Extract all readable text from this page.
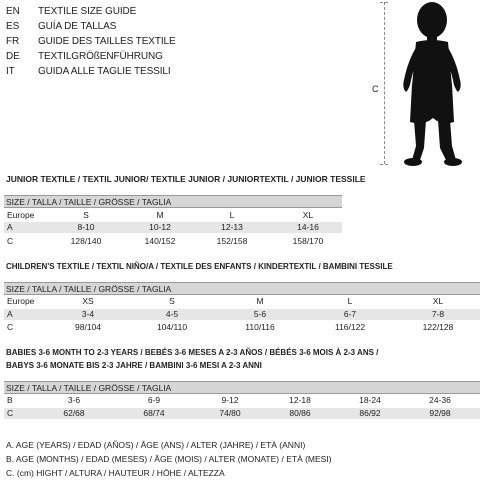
EN	TEXTILE SIZE GUIDE
ES	GUÍA DE TALLAS
FR	GUIDE DES TAILLES TEXTILE
DE	TEXTILGRÖßENFÜHRUNG
IT	GUIDA ALLE TAGLIE TESSILI
C
JUNIOR TEXTILE / TEXTIL JUNIOR/ TEXTILE JUNIOR / JUNIORTEXTIL / JUNIOR TESSILE
SIZE / TALLA / TAILLE / GRÖSSE / TAGLIA
Europe	S	M	L	XL
A	8-10	10-12	12-13	14-16
C	128/140	140/152	152/158	158/170
CHILDREN'S TEXTILE / TEXTIL NIÑO/A / TEXTILE DES ENFANTS / KINDERTEXTIL / BAMBINI TESSILE
SIZE / TALLA / TAILLE / GRÖSSE / TAGLIA
Europe	XS	S	M	L	XL
A	3-4	4-5	5-6	6-7	7-8
C	98/104	104/110	110/116	116/122	122/128
BABIES 3-6 MONTH TO 2-3 YEARS / BEBÉS 3-6 MESES A 2-3 AÑOS / BÉBÉS 3-6 MOIS À 2-3 ANS /
BABYS 3-6 MONATE BIS 2-3 JAHRE / BAMBINI 3-6 MESI A 2-3 ANNI
SIZE / TALLA / TAILLE / GRÖSSE / TAGLIA
B	3-6	6-9	9-12	12-18	18-24	24-36
C	62/68	68/74	74/80	80/86	86/92	92/98
A. AGE (YEARS) / EDAD (AÑOS) / ÂGE (ANS) / ALTER (JAHRE) / ETÀ (ANNI)
B. AGE (MONTHS) / EDAD (MESES) / ÂGE (MOIS) / ALTER (MONATE) / ETÀ (MESI)
C. (cm) HIGHT / ALTURA / HAUTEUR / HÖHE / ALTEZZA
